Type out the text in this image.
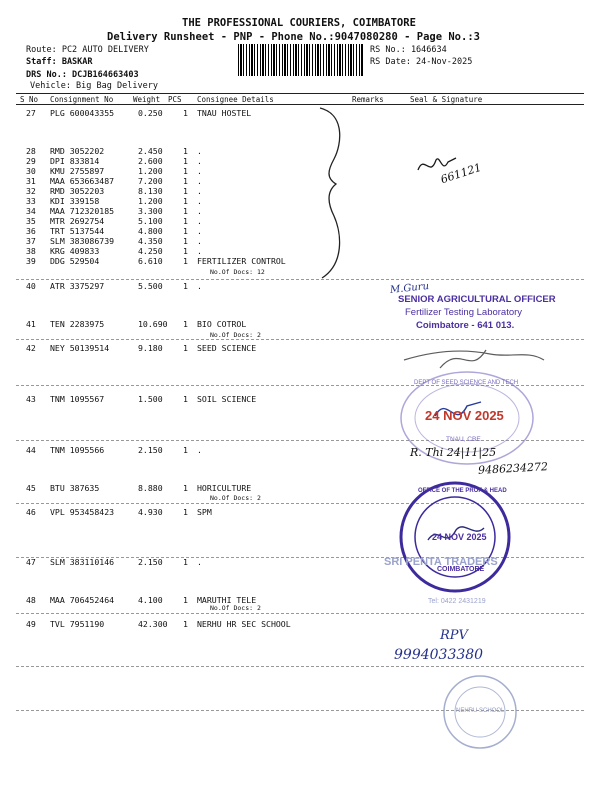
THE PROFESSIONAL COURIERS, COIMBATORE
Delivery Runsheet - PNP - Phone No.:9047080280 - Page No.:3
Route: PC2 AUTO DELIVERY
Staff: BASKAR
DRS No.: DCJB164663403
Vehicle: Big Bag Delivery
RS No.: 1646634
RS Date: 24-Nov-2025
S No Consignment No	Weight PCS Consignee Details	Remarks	Seal & Signature
27 PLG 600043355	0.250 1 TNAU HOSTEL
28 RMD 3052202	2.450 1 .
29 DPI 833814	2.600 1 .
30 KMU 2755897	1.200 1 .
31 MAA 653663487	7.200 1 .
32 RMD 3052203	8.130 1 .
33 KDI 339158	1.200 1 .
34 MAA 712320185	3.300 1 .
35 MTR 2692754	5.100 1 .
36 TRT 5137544	4.800 1 .
37 SLM 383086739	4.350 1 .
38 KRG 409833	4.250 1 .
39 DDG 529504	6.610 1 FERTILIZER CONTROL
40 ATR 3375297	5.500 1 .
41 TEN 2283975	10.690 1 BIO COTROL
42 NEY 50139514	9.180 1 SEED SCIENCE
43 TNM 1095567	1.500 1 SOIL SCIENCE
44 TNM 1095566	2.150 1 .
45 BTU 387635	8.880 1 HORICULTURE
46 VPL 953458423	4.930 1 SPM
47 SLM 383110146	2.150 1 .
48 MAA 706452464	4.100 1 MARUTHI TELE
49 TVL 7951190	42.300 1 NERHU HR SEC SCHOOL
No.Of Docs: 12
No.Of Docs: 2
No.Of Docs: 2
No.Of Docs: 2
661121
M.Guru
SENIOR AGRICULTURAL OFFICER
Fertilizer Testing Laboratory
Coimbatore - 641 013.
DEPT OF SEED SCIENCE AND TECH
24 NOV 2025
TNAU, CBE
R. Thi 24|11|25
9486234272
OFFICE OF THE PROF & HEAD
24 NOV 2025
COIMBATORE
SRI PENTA TRADERS
Tel: 0422 2431219
RPV
9994033380
NEHRU SCHOOL
